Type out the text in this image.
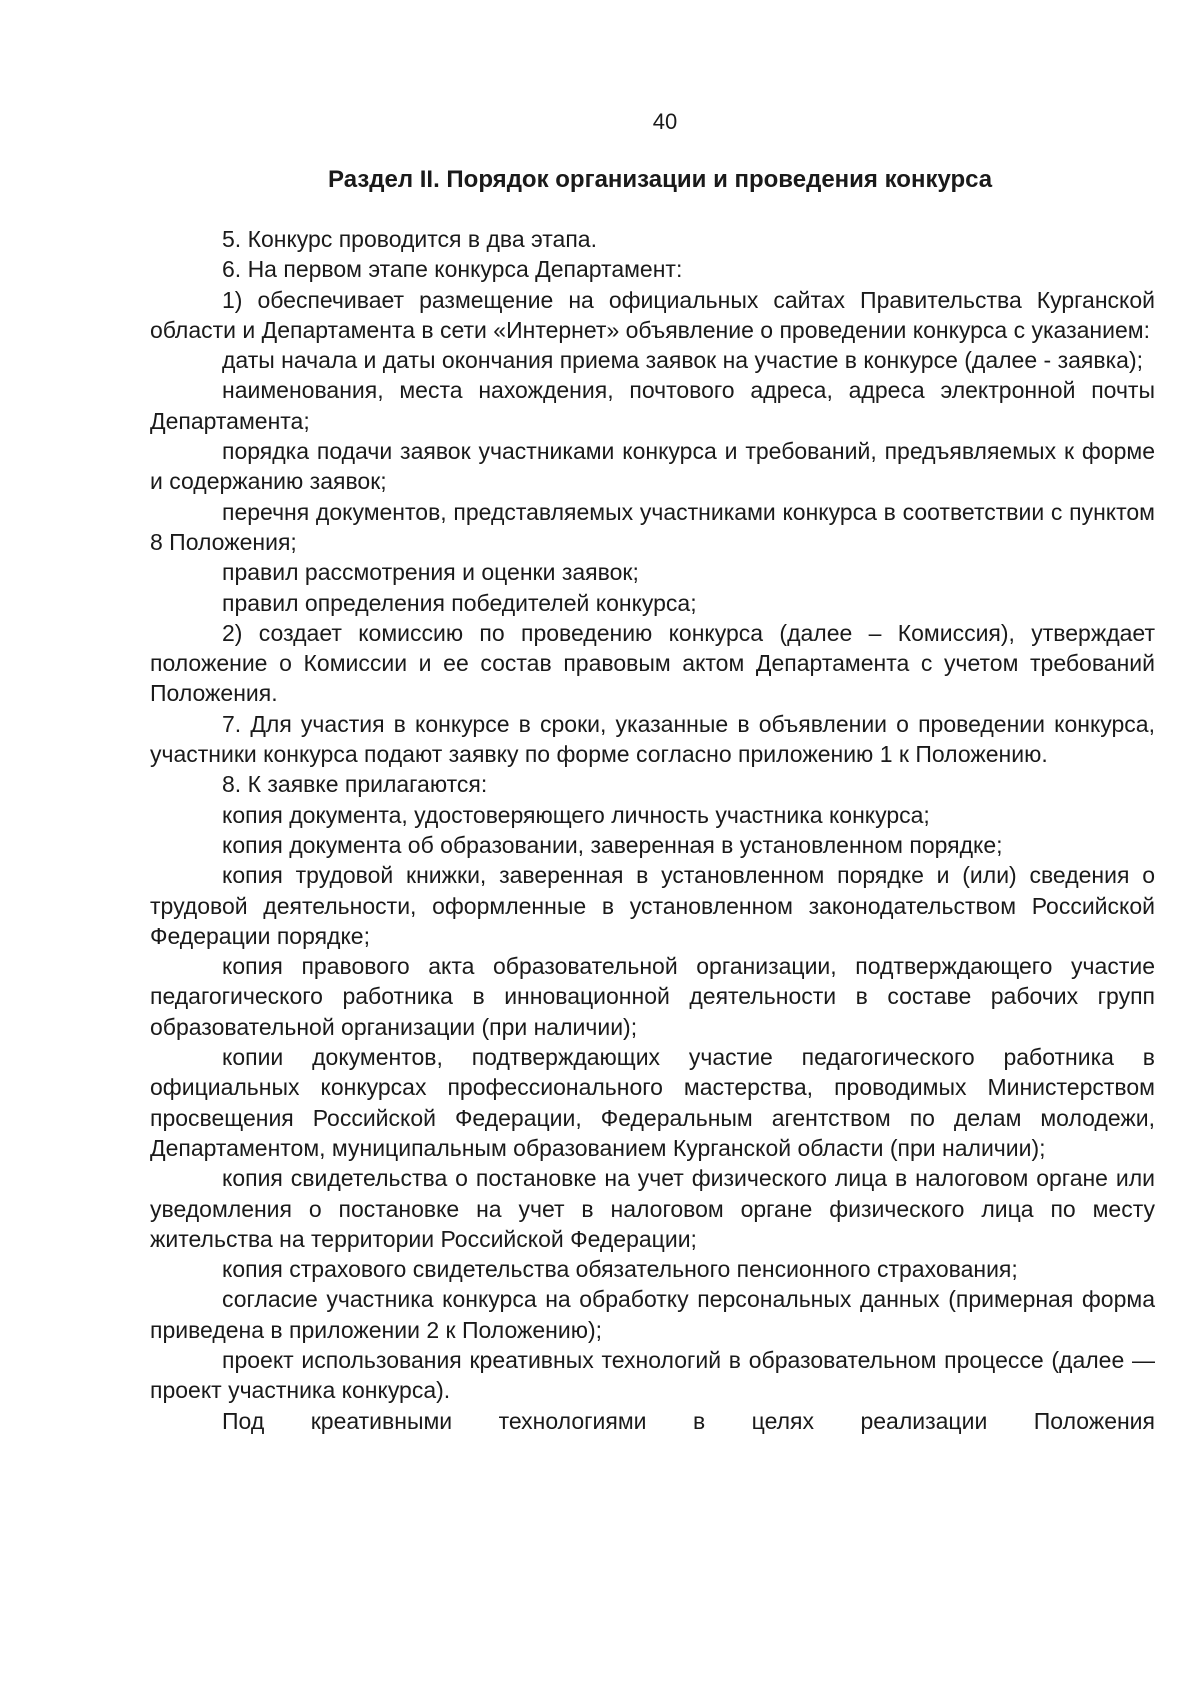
40
Раздел II. Порядок организации и проведения конкурса

5. Конкурс проводится в два этапа.

6. На первом этапе конкурса Департамент:

1) обеспечивает размещение на официальных сайтах Правительства Курганской области и Департамента в сети «Интернет» объявление о проведении конкурса с указанием:

даты начала и даты окончания приема заявок на участие в конкурсе (далее - заявка);

наименования, места нахождения, почтового адреса, адреса электронной почты Департамента;

порядка подачи заявок участниками конкурса и требований, предъявляемых к форме и содержанию заявок;

перечня документов, представляемых участниками конкурса в соответствии с пунктом 8 Положения;

правил рассмотрения и оценки заявок;

правил определения победителей конкурса;

2) создает комиссию по проведению конкурса (далее – Комиссия), утверждает положение о Комиссии и ее состав правовым актом Департамента с учетом требований Положения.

7. Для участия в конкурсе в сроки, указанные в объявлении о проведении конкурса, участники конкурса подают заявку по форме согласно приложению 1 к Положению.

8. К заявке прилагаются:

копия документа, удостоверяющего личность участника конкурса;

копия документа об образовании, заверенная в установленном порядке;

копия трудовой книжки, заверенная в установленном порядке и (или) сведения о трудовой деятельности, оформленные в установленном законодательством Российской Федерации порядке;

копия правового акта образовательной организации, подтверждающего участие педагогического работника в инновационной деятельности в составе рабочих групп образовательной организации (при наличии);

копии документов, подтверждающих участие педагогического работника в официальных конкурсах профессионального мастерства, проводимых Министерством просвещения Российской Федерации, Федеральным агентством по делам молодежи, Департаментом, муниципальным образованием Курганской области (при наличии);

копия свидетельства о постановке на учет физического лица в налоговом органе или уведомления о постановке на учет в налоговом органе физического лица по месту жительства на территории Российской Федерации;

копия страхового свидетельства обязательного пенсионного страхования;

согласие участника конкурса на обработку персональных данных (примерная форма приведена в приложении 2 к Положению);

проект использования креативных технологий в образовательном процессе (далее — проект участника конкурса).

Под креативными технологиями в целях реализации Положения
